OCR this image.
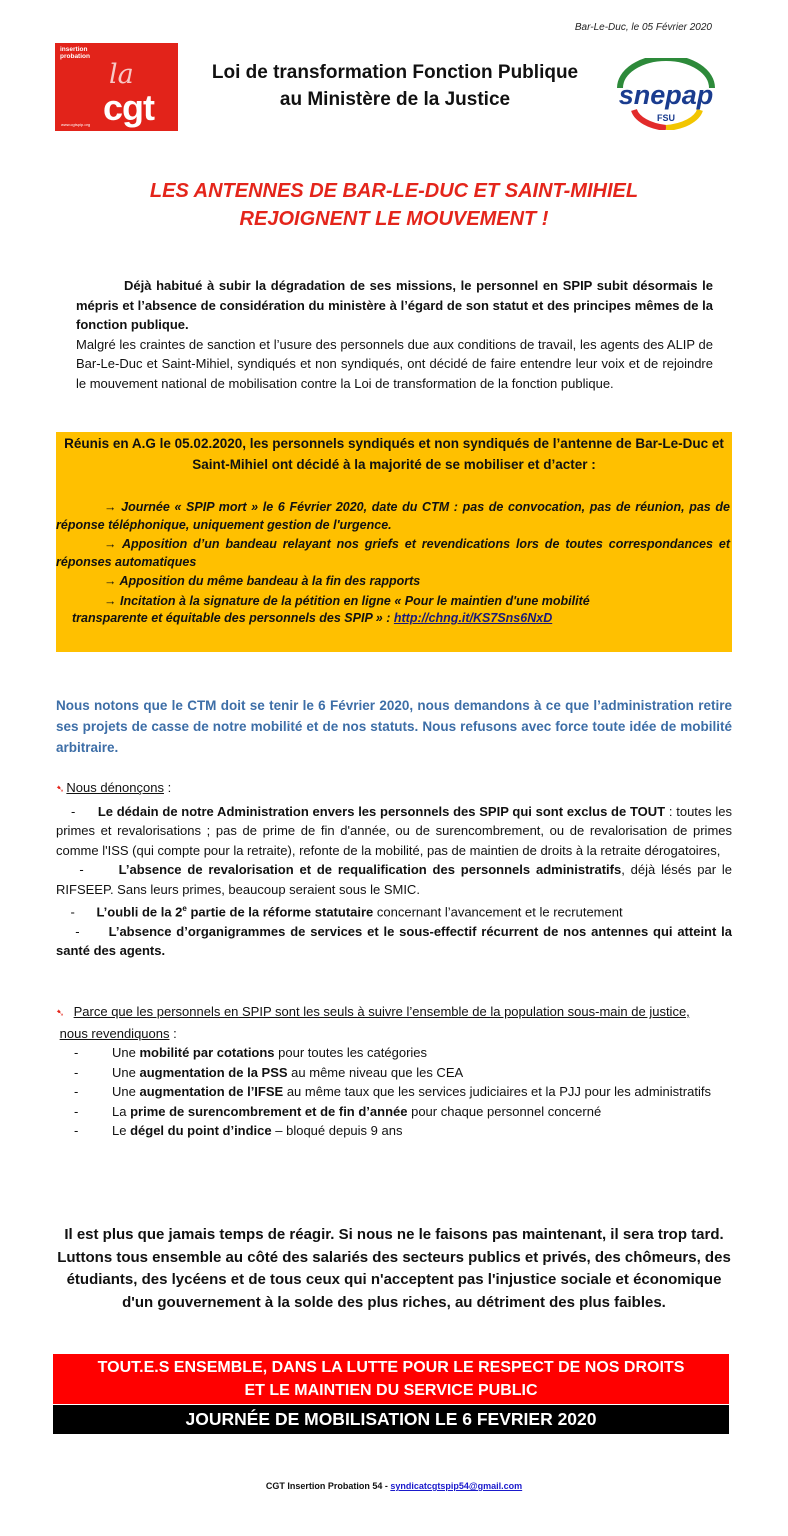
Bar-Le-Duc, le 05 Février 2020
insertion
probation
la
cgt
www.cgtspip.org
Loi de transformation Fonction Publique
au Ministère de la Justice	snepap
FSU
LES ANTENNES DE BAR-LE-DUC ET SAINT-MIHIEL
REJOIGNENT LE MOUVEMENT !

Déjà habitué à subir la dégradation de ses missions, le personnel en SPIP subit désormais le mépris et l’absence de considération du ministère à l’égard de son statut et des principes mêmes de la fonction publique.

Malgré les craintes de sanction et l’usure des personnels due aux conditions de travail, les agents des ALIP de Bar-Le-Duc et Saint-Mihiel, syndiqués et non syndiqués, ont décidé de faire entendre leur voix et de rejoindre le mouvement national de mobilisation contre la Loi de transformation de la fonction publique.

Réunis en A.G le 05.02.2020, les personnels syndiqués et non syndiqués de l’antenne de Bar-Le-Duc et Saint-Mihiel ont décidé à la majorité de se mobiliser et d’acter :

→ Journée « SPIP mort » le 6 Février 2020, date du CTM : pas de convocation, pas de réunion, pas de réponse téléphonique, uniquement gestion de l'urgence.

→ Apposition d’un bandeau relayant nos griefs et revendications lors de toutes correspondances et réponses automatiques

→ Apposition du même bandeau à la fin des rapports

→ Incitation à la signature de la pétition en ligne « Pour le maintien d'une mobilité

transparente et équitable des personnels des SPIP » : http://chng.it/KS7Sns6NxD

Nous notons que le CTM doit se tenir le 6 Février 2020, nous demandons à ce que l’administration retire ses projets de casse de notre mobilité et de nos statuts. Nous refusons avec force toute idée de mobilité arbitraire.

➷ Nous dénonçons :

-      Le dédain de notre Administration envers les personnels des SPIP qui sont exclus de TOUT : toutes les primes et revalorisations ; pas de prime de fin d'année, ou de surencombrement, ou de revalorisation de primes comme l'ISS (qui compte pour la retraite), refonte de la mobilité, pas de maintien de droits à la retraite dérogatoires,

-      L’absence de revalorisation et de requalification des personnels administratifs, déjà lésés par le RIFSEEP. Sans leurs primes, beaucoup seraient sous le SMIC.

-      L’oubli de la 2e partie de la réforme statutaire concernant l’avancement et le recrutement

-      L’absence d’organigrammes de services et le sous-effectif récurrent de nos antennes qui atteint la santé des agents.

➷ Parce que les personnels en SPIP sont les seuls à suivre l’ensemble de la population sous-main de justice,

nous revendiquons :

-	Une mobilité par cotations pour toutes les catégories
-	Une augmentation de la PSS au même niveau que les CEA
-	Une augmentation de l’IFSE au même taux que les services judiciaires et la PJJ pour les administratifs
-	La prime de surencombrement et de fin d’année pour chaque personnel concerné
-	Le dégel du point d’indice – bloqué depuis 9 ans
Il est plus que jamais temps de réagir. Si nous ne le faisons pas maintenant, il sera trop tard. Luttons tous ensemble au côté des salariés des secteurs publics et privés, des chômeurs, des étudiants, des lycéens et de tous ceux qui n'acceptent pas l'injustice sociale et économique d'un gouvernement à la solde des plus riches, au détriment des plus faibles.
TOUT.E.S ENSEMBLE, DANS LA LUTTE POUR LE RESPECT DE NOS DROITS
ET LE MAINTIEN DU SERVICE PUBLIC
JOURNÉE DE MOBILISATION LE 6 FEVRIER 2020
CGT Insertion Probation 54 - syndicatcgtspip54@gmail.com
